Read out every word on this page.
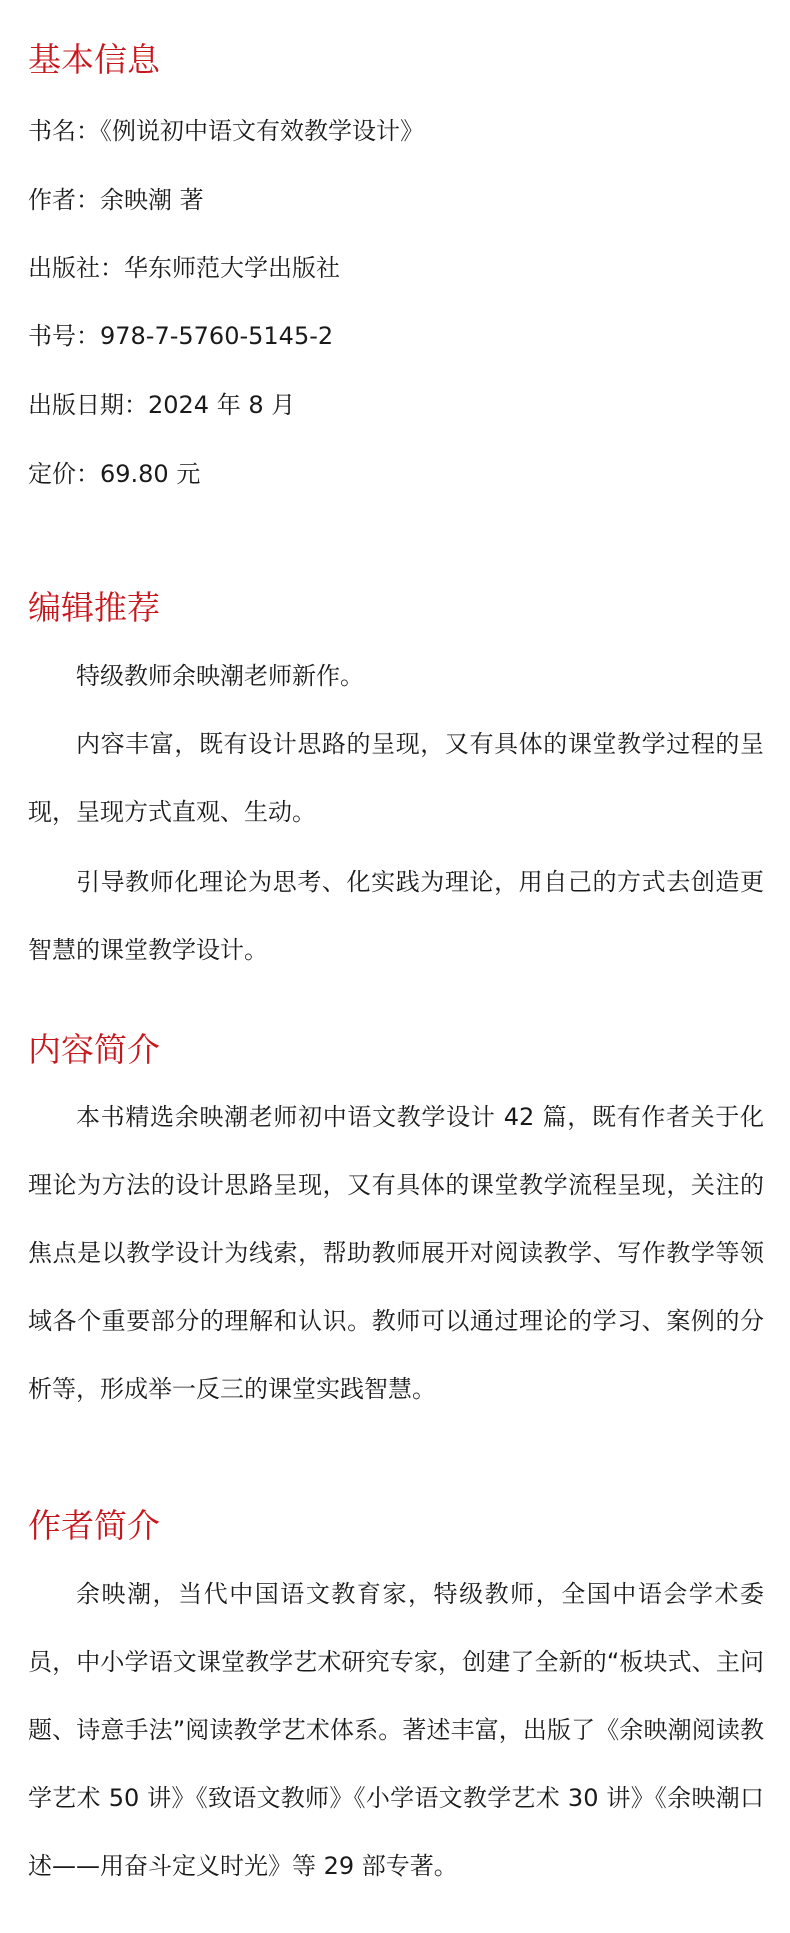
基本信息

书名：《例说初中语文有效教学设计》

作者：余映潮 著

出版社：华东师范大学出版社

书号：978-7-5760-5145-2

出版日期：2024 年 8 月

定价：69.80 元

编辑推荐

特级教师余映潮老师新作。

内容丰富，既有设计思路的呈现，又有具体的课堂教学过程的呈现，呈现方式直观、生动。

引导教师化理论为思考、化实践为理论，用自己的方式去创造更智慧的课堂教学设计。

内容简介

本书精选余映潮老师初中语文教学设计 42 篇，既有作者关于化理论为方法的设计思路呈现，又有具体的课堂教学流程呈现，关注的焦点是以教学设计为线索，帮助教师展开对阅读教学、写作教学等领域各个重要部分的理解和认识。教师可以通过理论的学习、案例的分析等，形成举一反三的课堂实践智慧。

作者简介

余映潮，当代中国语文教育家，特级教师，全国中语会学术委员，中小学语文课堂教学艺术研究专家，创建了全新的“板块式、主问题、诗意手法”阅读教学艺术体系。著述丰富，出版了《余映潮阅读教学艺术 50 讲》《致语文教师》《小学语文教学艺术 30 讲》《余映潮口述——用奋斗定义时光》等 29 部专著。
